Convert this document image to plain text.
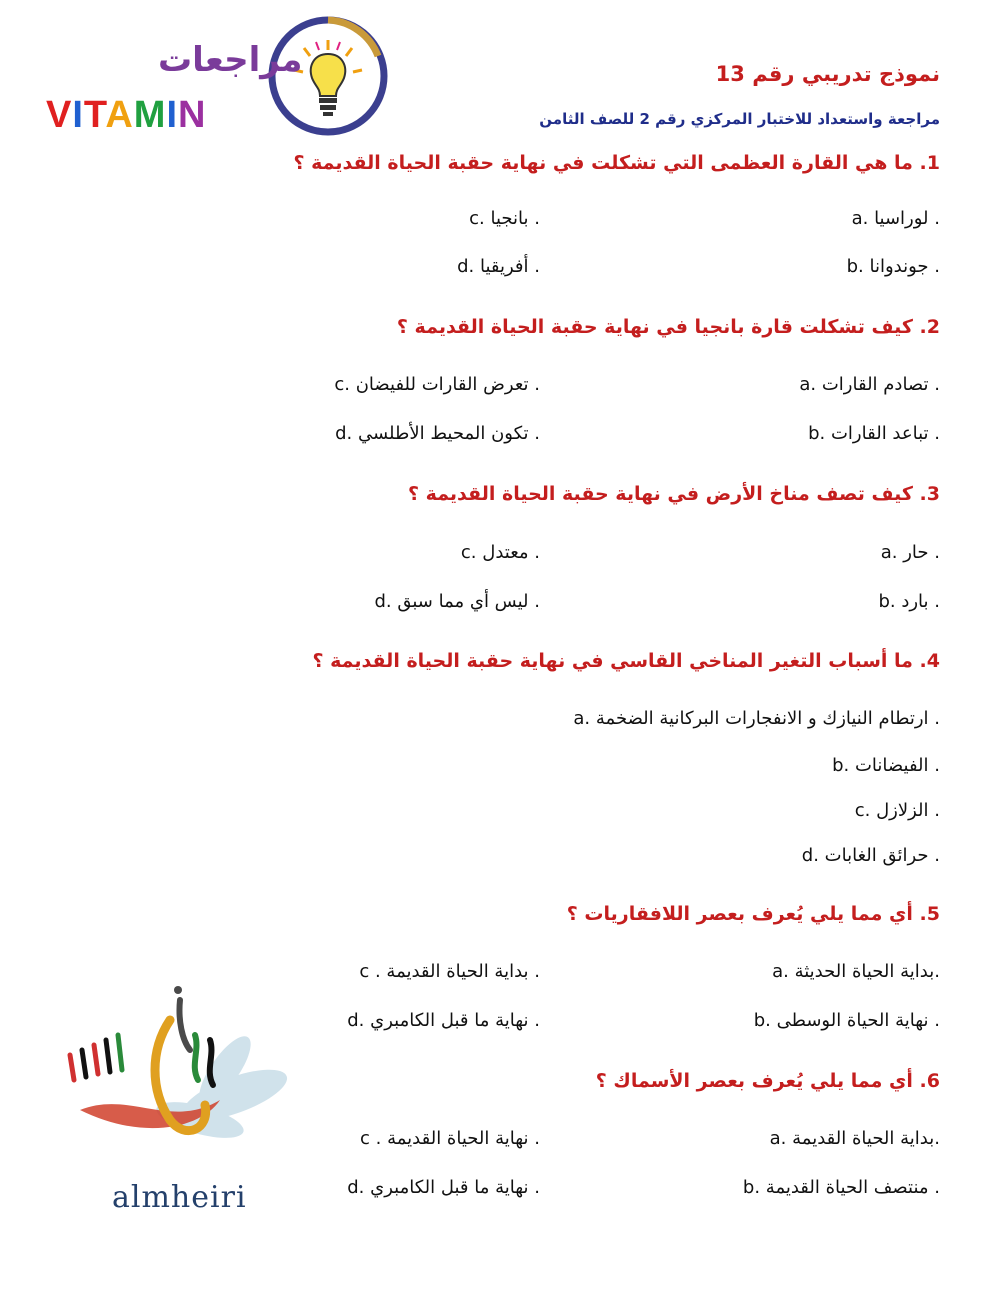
مراجعات
VITAMIN
نموذج تدريبي رقم 13
مراجعة واستعداد للاختبار المركزي رقم 2 للصف الثامن
1. ما هي القارة العظمى التي تشكلت في نهاية حقبة الحياة القديمة ؟
a. لوراسيا .
b. جوندوانا .
c. بانجيا .
d. أفريقيا .
2. كيف تشكلت قارة بانجيا في نهاية حقبة الحياة القديمة ؟
a. تصادم القارات .
b. تباعد القارات .
c. تعرض القارات للفيضان .
d. تكون المحيط الأطلسي .
3. كيف تصف مناخ الأرض في نهاية حقبة الحياة القديمة ؟
a. حار .
b. بارد .
c. معتدل .
d. ليس أي مما سبق .
4. ما أسباب التغير المناخي القاسي في نهاية حقبة الحياة القديمة ؟
a. ارتطام النيازك و الانفجارات البركانية الضخمة .
b. الفيضانات .
c. الزلازل .
d. حرائق الغابات .
5. أي مما يلي يُعرف بعصر اللافقاريات ؟
a. بداية الحياة الحديثة.
b. نهاية الحياة الوسطى .
c . بداية الحياة القديمة .
d. نهاية ما قبل الكامبري .
6. أي مما يلي يُعرف بعصر الأسماك ؟
a. بداية الحياة القديمة.
b. منتصف الحياة القديمة .
c . نهاية الحياة القديمة .
d. نهاية ما قبل الكامبري .
almheiri
